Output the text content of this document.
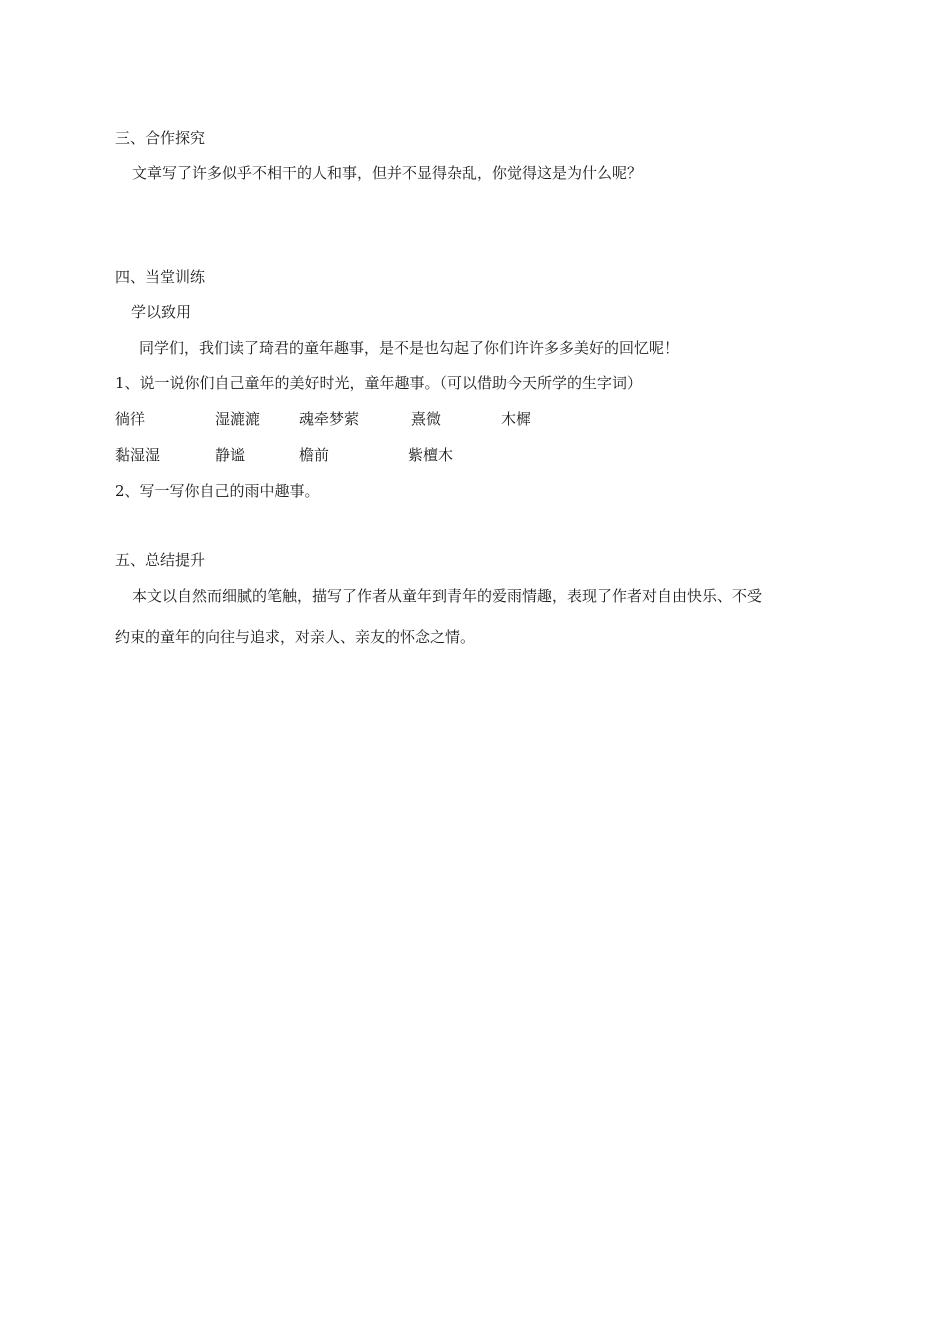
三、合作探究
文章写了许多似乎不相干的人和事，但并不显得杂乱，你觉得这是为什么呢？
四、当堂训练
学以致用
同学们，我们读了琦君的童年趣事，是不是也勾起了你们许许多多美好的回忆呢！
1、说一说你们自己童年的美好时光，童年趣事。（可以借助今天所学的生字词）
徜徉	湿漉漉	魂牵梦萦	熹微	木樨
黏湿湿	静谧	檐前	紫檀木
2、写一写你自己的雨中趣事。
五、总结提升
本文以自然而细腻的笔触，描写了作者从童年到青年的爱雨情趣，表现了作者对自由快乐、不受
约束的童年的向往与追求，对亲人、亲友的怀念之情。
